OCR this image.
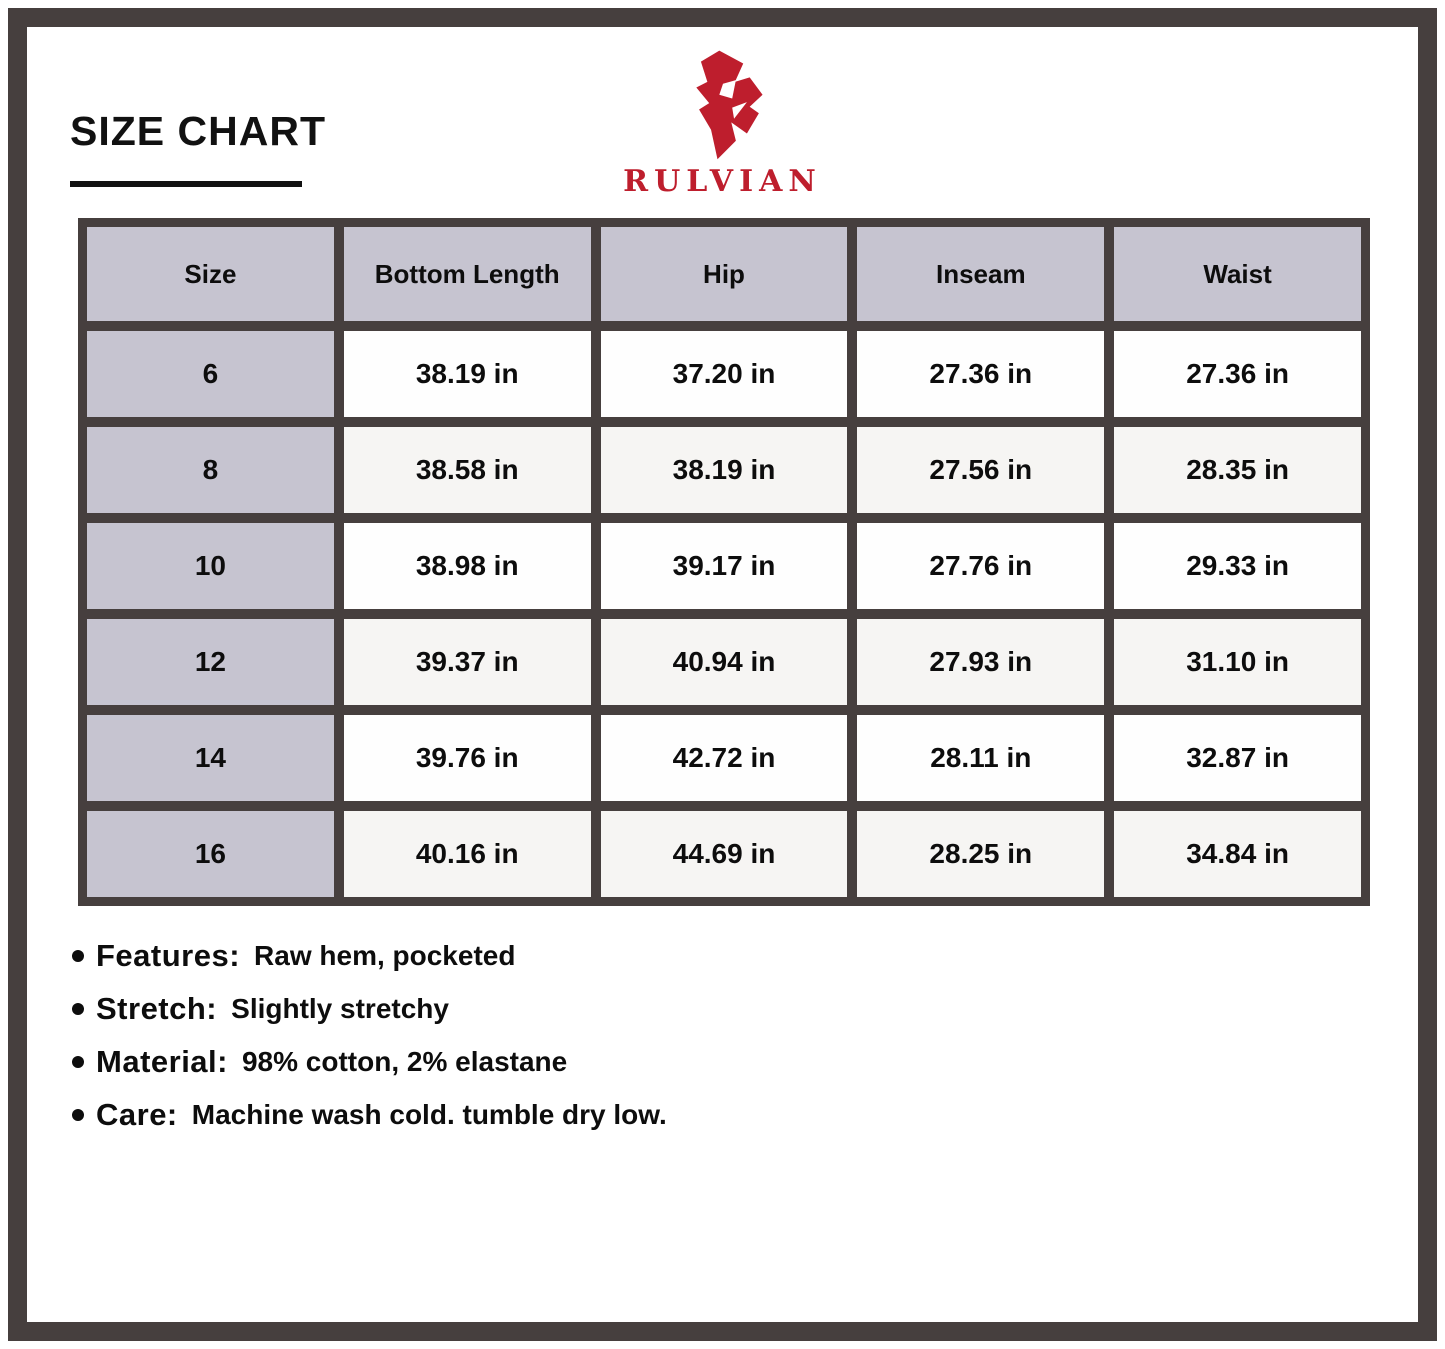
SIZE CHART
RULVIAN
Size	Bottom Length	Hip	Inseam	Waist
6	38.19 in	37.20 in	27.36 in	27.36 in
8	38.58 in	38.19 in	27.56 in	28.35 in
10	38.98 in	39.17 in	27.76 in	29.33 in
12	39.37 in	40.94 in	27.93 in	31.10 in
14	39.76 in	42.72 in	28.11 in	32.87 in
16	40.16 in	44.69 in	28.25 in	34.84 in
Features: Raw hem, pocketed
Stretch: Slightly stretchy
Material: 98% cotton, 2% elastane
Care: Machine wash cold. tumble dry low.
